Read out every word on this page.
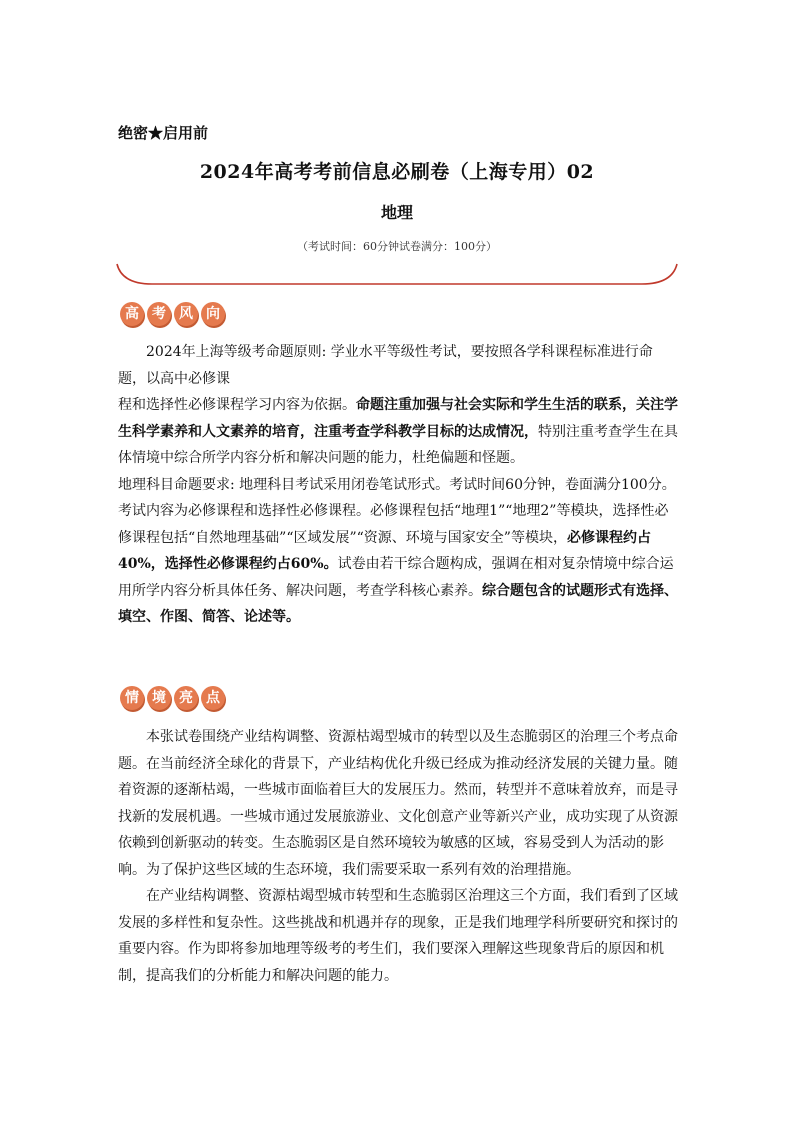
绝密★启用前
2024年高考考前信息必刷卷（上海专用）02
地理
（考试时间：60分钟试卷满分：100分）
高 考 风 向

2024年上海等级考命题原则: 学业水平等级性考试，要按照各学科课程标准进行命题，以高中必修课
程和选择性必修课程学习内容为依据。命题注重加强与社会实际和学生生活的联系，关注学生科学素养和人文素养的培育，注重考查学科教学目标的达成情况，特别注重考查学生在具体情境中综合所学内容分析和解决问题的能力，杜绝偏题和怪题。

地理科目命题要求: 地理科目考试采用闭卷笔试形式。考试时间60分钟，卷面满分100分。考试内容为必修课程和选择性必修课程。必修课程包括“地理1”“地理2”等模块，选择性必修课程包括“自然地理基础”“区域发展”“资源、环境与国家安全”等模块，必修课程约占40%，选择性必修课程约占60%。试卷由若干综合题构成，强调在相对复杂情境中综合运用所学内容分析具体任务、解决问题，考查学科核心素养。综合题包含的试题形式有选择、填空、作图、简答、论述等。

情 境 亮 点

本张试卷围绕产业结构调整、资源枯竭型城市的转型以及生态脆弱区的治理三个考点命题。在当前经济全球化的背景下，产业结构优化升级已经成为推动经济发展的关键力量。随着资源的逐渐枯竭，一些城市面临着巨大的发展压力。然而，转型并不意味着放弃，而是寻找新的发展机遇。一些城市通过发展旅游业、文化创意产业等新兴产业，成功实现了从资源依赖到创新驱动的转变。生态脆弱区是自然环境较为敏感的区域，容易受到人为活动的影响。为了保护这些区域的生态环境，我们需要采取一系列有效的治理措施。

在产业结构调整、资源枯竭型城市转型和生态脆弱区治理这三个方面，我们看到了区域发展的多样性和复杂性。这些挑战和机遇并存的现象，正是我们地理学科所要研究和探讨的重要内容。作为即将参加地理等级考的考生们，我们要深入理解这些现象背后的原因和机制，提高我们的分析能力和解决问题的能力。
